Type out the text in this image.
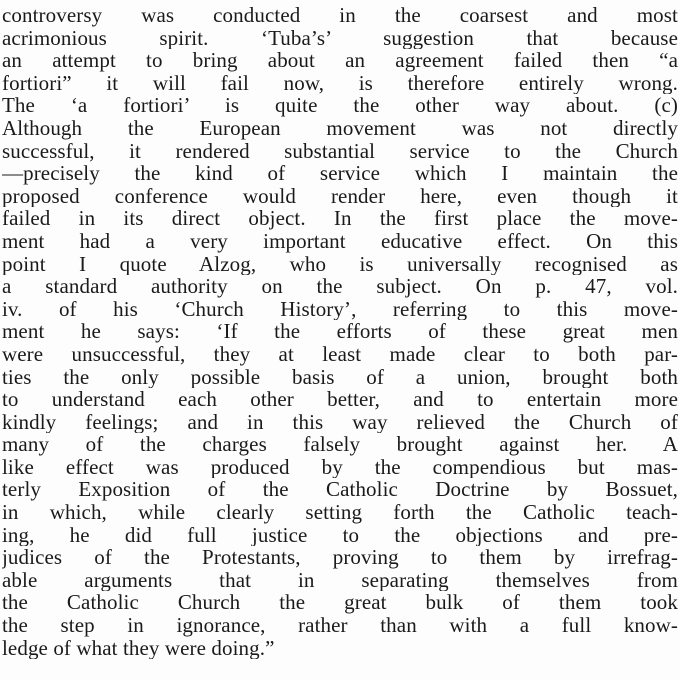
controversy was conducted in the coarsest and most
acrimonious spirit. ‘Tuba’s’ suggestion that because
an attempt to bring about an agreement failed then “a
fortiori” it will fail now, is therefore entirely wrong.
The ‘a fortiori’ is quite the other way about. (c)
Although the European movement was not directly
successful, it rendered substantial service to the Church
—precisely the kind of service which I maintain the
proposed conference would render here, even though it
failed in its direct object. In the first place the move-
ment had a very important educative effect. On this
point I quote Alzog, who is universally recognised as
a standard authority on the subject. On p. 47, vol.
iv. of his ‘Church History’, referring to this move-
ment he says: ‘If the efforts of these great men
were unsuccessful, they at least made clear to both par-
ties the only possible basis of a union, brought both
to understand each other better, and to entertain more
kindly feelings; and in this way relieved the Church of
many of the charges falsely brought against her. A
like effect was produced by the compendious but mas-
terly Exposition of the Catholic Doctrine by Bossuet,
in which, while clearly setting forth the Catholic teach-
ing, he did full justice to the objections and pre-
judices of the Protestants, proving to them by irrefrag-
able arguments that in separating themselves from
the Catholic Church the great bulk of them took
the step in ignorance, rather than with a full know-
ledge of what they were doing.”
